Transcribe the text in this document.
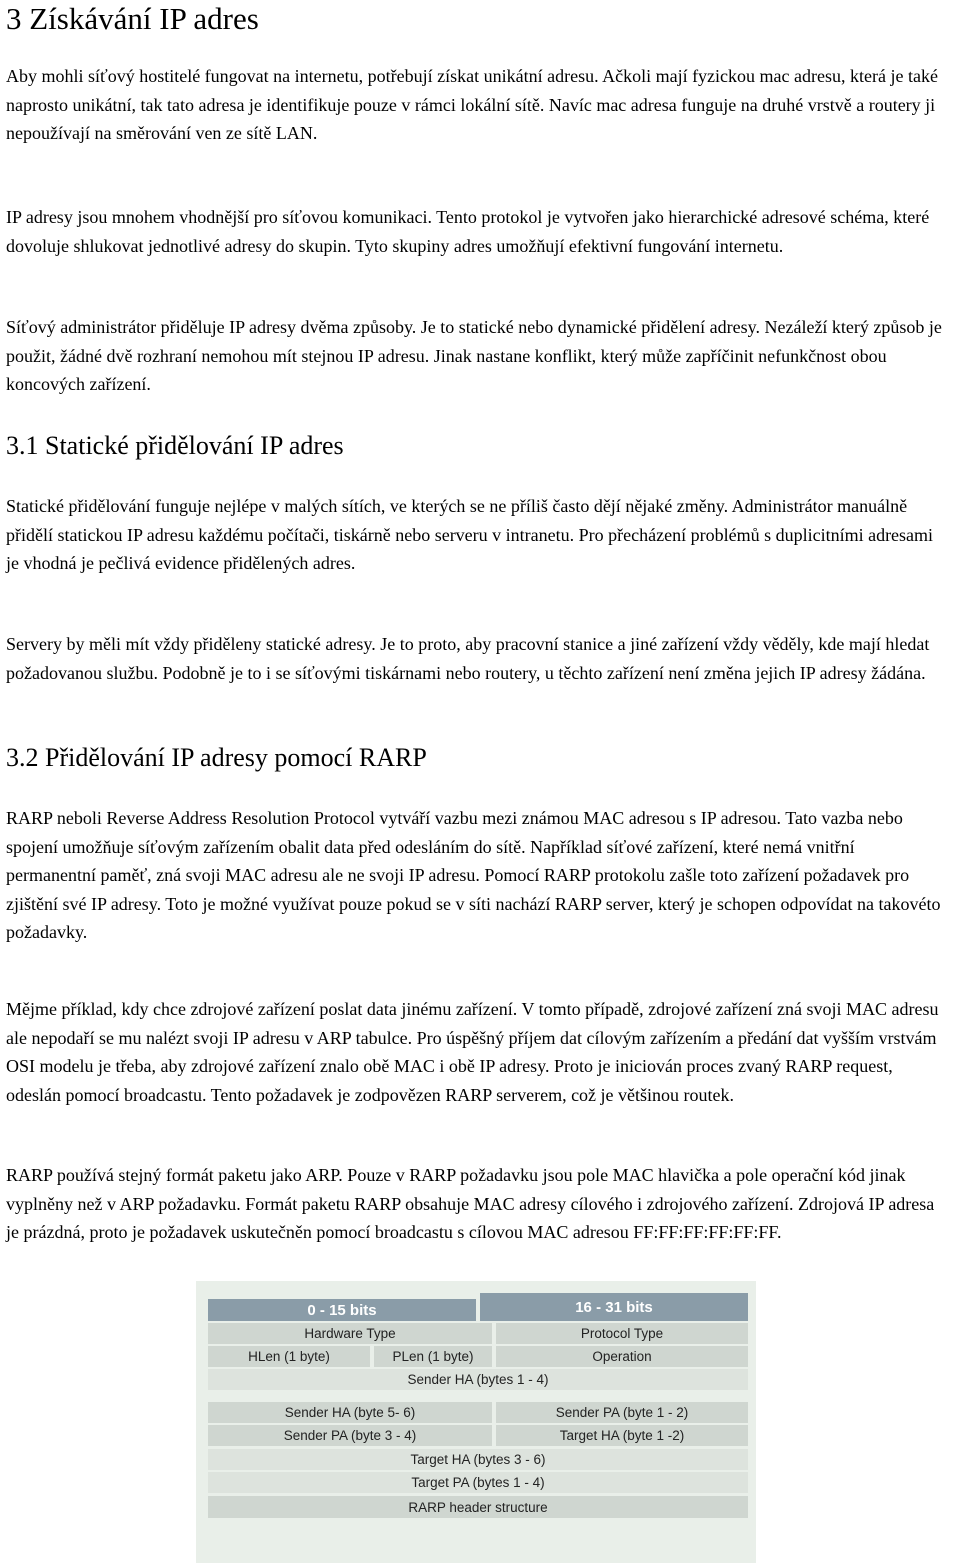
3 Získávání IP adres

Aby mohli síťový hostitelé fungovat na internetu, potřebují získat unikátní adresu. Ačkoli mají fyzickou mac adresu, která je také naprosto unikátní, tak tato adresa je identifikuje pouze v rámci lokální sítě. Navíc mac adresa funguje na druhé vrstvě a routery ji nepoužívají na směrování ven ze sítě LAN.

IP adresy jsou mnohem vhodnější pro síťovou komunikaci. Tento protokol je vytvořen jako hierarchické adresové schéma, které dovoluje shlukovat jednotlivé adresy do skupin. Tyto skupiny adres umožňují efektivní fungování internetu.

Síťový administrátor přiděluje IP adresy dvěma způsoby. Je to statické nebo dynamické přidělení adresy. Nezáleží který způsob je použit, žádné dvě rozhraní nemohou mít stejnou IP adresu. Jinak nastane konflikt, který může zapříčinit nefunkčnost obou koncových zařízení.

3.1 Statické přidělování IP adres

Statické přidělování funguje nejlépe v malých sítích, ve kterých se ne příliš často dějí nějaké změny. Administrátor manuálně přidělí statickou IP adresu každému počítači, tiskárně nebo serveru v intranetu. Pro přecházení problémů s duplicitními adresami je vhodná je pečlivá evidence přidělených adres.

Servery by měli mít vždy přiděleny statické adresy. Je to proto, aby pracovní stanice a jiné zařízení vždy věděly, kde mají hledat požadovanou službu. Podobně je to i se síťovými tiskárnami nebo routery, u těchto zařízení není změna jejich IP adresy žádána.

3.2 Přidělování IP adresy pomocí RARP

RARP neboli Reverse Address Resolution Protocol vytváří vazbu mezi známou MAC adresou s IP adresou. Tato vazba nebo spojení umožňuje síťovým zařízením obalit data před odesláním do sítě. Například síťové zařízení, které nemá vnitřní permanentní paměť, zná svoji MAC adresu ale ne svoji IP adresu. Pomocí RARP protokolu zašle toto zařízení požadavek pro zjištění své IP adresy. Toto je možné využívat pouze pokud se v síti nachází RARP server, který je schopen odpovídat na takovéto požadavky.

Mějme příklad, kdy chce zdrojové zařízení poslat data jinému zařízení. V tomto případě, zdrojové zařízení zná svoji MAC adresu ale nepodaří se mu nalézt svoji IP adresu v ARP tabulce. Pro úspěšný příjem dat cílovým zařízením a předání dat vyšším vrstvám OSI modelu je třeba, aby zdrojové zařízení znalo obě MAC i obě IP adresy. Proto je iniciován proces zvaný RARP request, odeslán pomocí broadcastu. Tento požadavek je zodpovězen RARP serverem, což je většinou routek.

RARP používá stejný formát paketu jako ARP. Pouze v RARP požadavku jsou pole MAC hlavička a pole operační kód jinak vyplněny než v ARP požadavku. Formát paketu RARP obsahuje MAC adresy cílového i zdrojového zařízení. Zdrojová IP adresa je prázdná, proto je požadavek uskutečněn pomocí broadcastu s cílovou MAC adresou FF:FF:FF:FF:FF:FF.

0 - 15 bits	16 - 31 bits
Hardware Type	Protocol Type
HLen (1 byte)	PLen (1 byte)	Operation
Sender HA (bytes 1 - 4)
Sender HA (byte 5- 6)	Sender PA (byte 1 - 2)
Sender PA (byte 3 - 4)	Target HA (byte 1 -2)
Target HA (bytes 3 - 6)
Target PA (bytes 1 - 4)
RARP header structure
